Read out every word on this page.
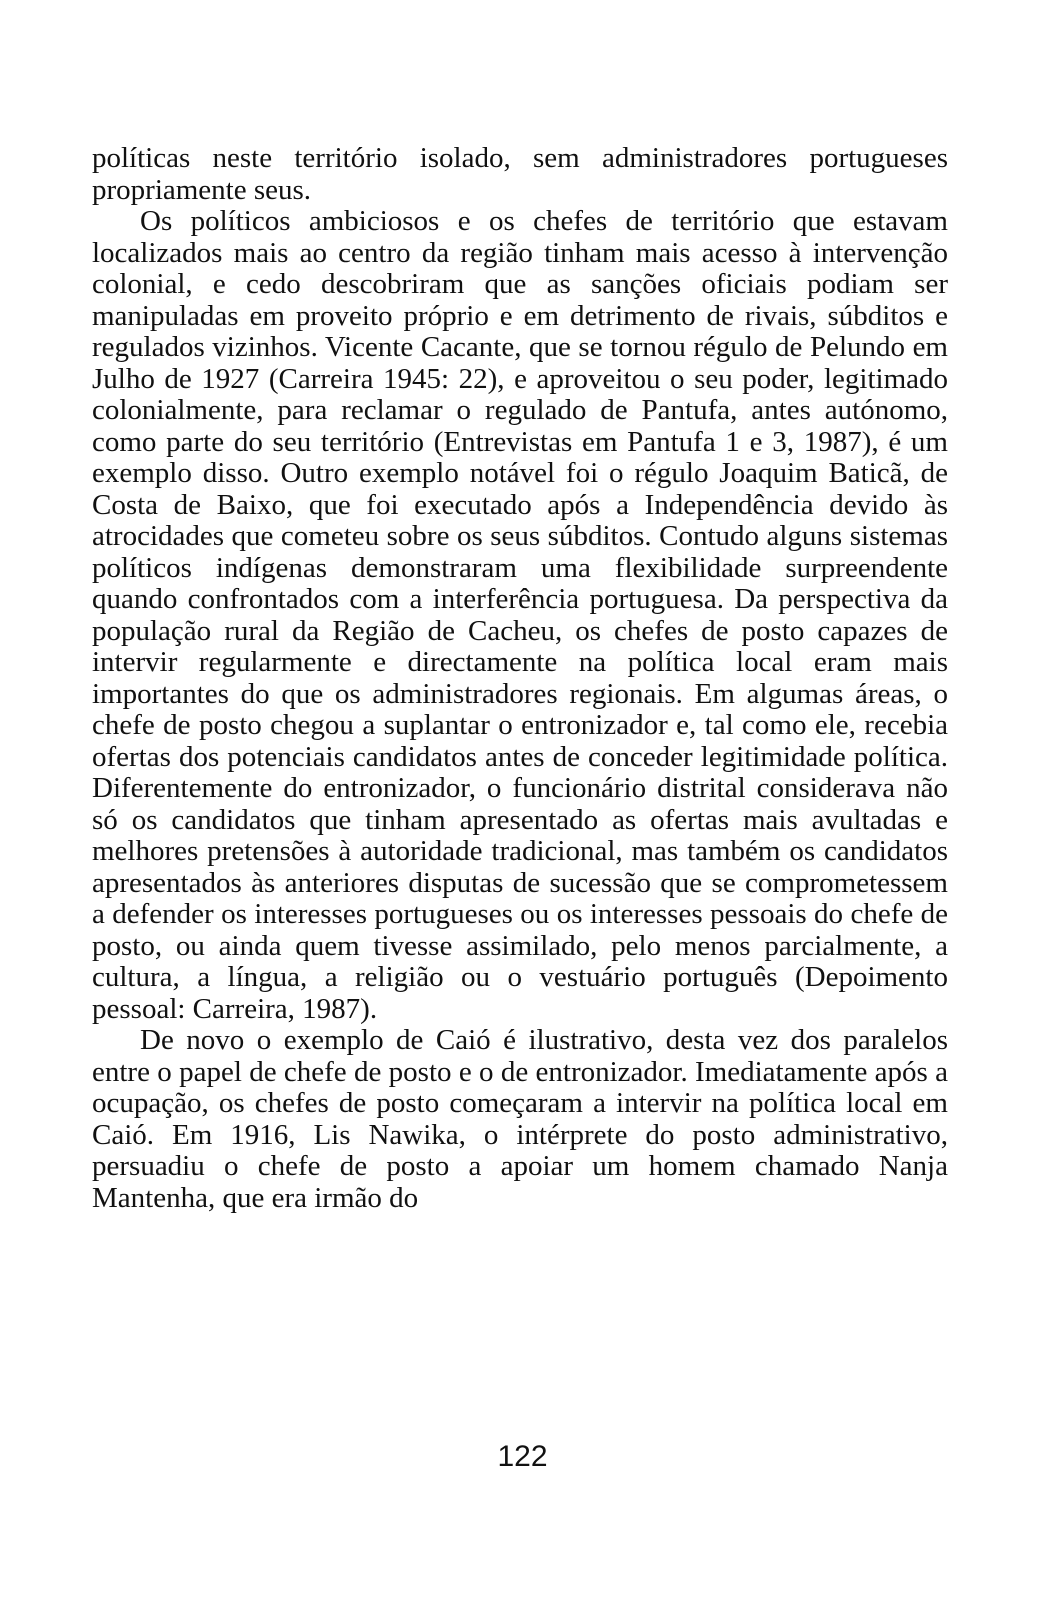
políticas neste território isolado, sem administradores portugueses propriamente seus.

Os políticos ambiciosos e os chefes de território que estavam localizados mais ao centro da região tinham mais acesso à intervenção colonial, e cedo descobriram que as sanções oficiais podiam ser manipuladas em proveito próprio e em detrimento de rivais, súbditos e regulados vizinhos. Vicente Cacante, que se tornou régulo de Pelundo em Julho de 1927 (Carreira 1945: 22), e aproveitou o seu poder, legitimado colonialmente, para reclamar o regulado de Pantufa, antes autónomo, como parte do seu território (Entrevistas em Pantufa 1 e 3, 1987), é um exemplo disso. Outro exemplo notável foi o régulo Joaquim Baticã, de Costa de Baixo, que foi executado após a Independência devido às atrocidades que cometeu sobre os seus súbditos. Contudo alguns sistemas políticos indígenas demonstraram uma flexibilidade surpreendente quando confrontados com a interferência portuguesa. Da perspectiva da população rural da Região de Cacheu, os chefes de posto capazes de intervir regularmente e directamente na política local eram mais importantes do que os administradores regionais. Em algumas áreas, o chefe de posto chegou a suplantar o entronizador e, tal como ele, recebia ofertas dos potenciais candidatos antes de conceder legitimidade política. Diferentemente do entronizador, o funcionário distrital considerava não só os candidatos que tinham apresentado as ofertas mais avultadas e melhores pretensões à autoridade tradicional, mas também os candidatos apresentados às anteriores disputas de sucessão que se comprometessem a defender os interesses portugueses ou os interesses pessoais do chefe de posto, ou ainda quem tivesse assimilado, pelo menos parcialmente, a cultura, a língua, a religião ou o vestuário português (Depoimento pessoal: Carreira, 1987).

De novo o exemplo de Caió é ilustrativo, desta vez dos paralelos entre o papel de chefe de posto e o de entronizador. Imediatamente após a ocupação, os chefes de posto começaram a intervir na política local em Caió. Em 1916, Lis Nawika, o intérprete do posto administrativo, persuadiu o chefe de posto a apoiar um homem chamado Nanja Mantenha, que era irmão do

122
